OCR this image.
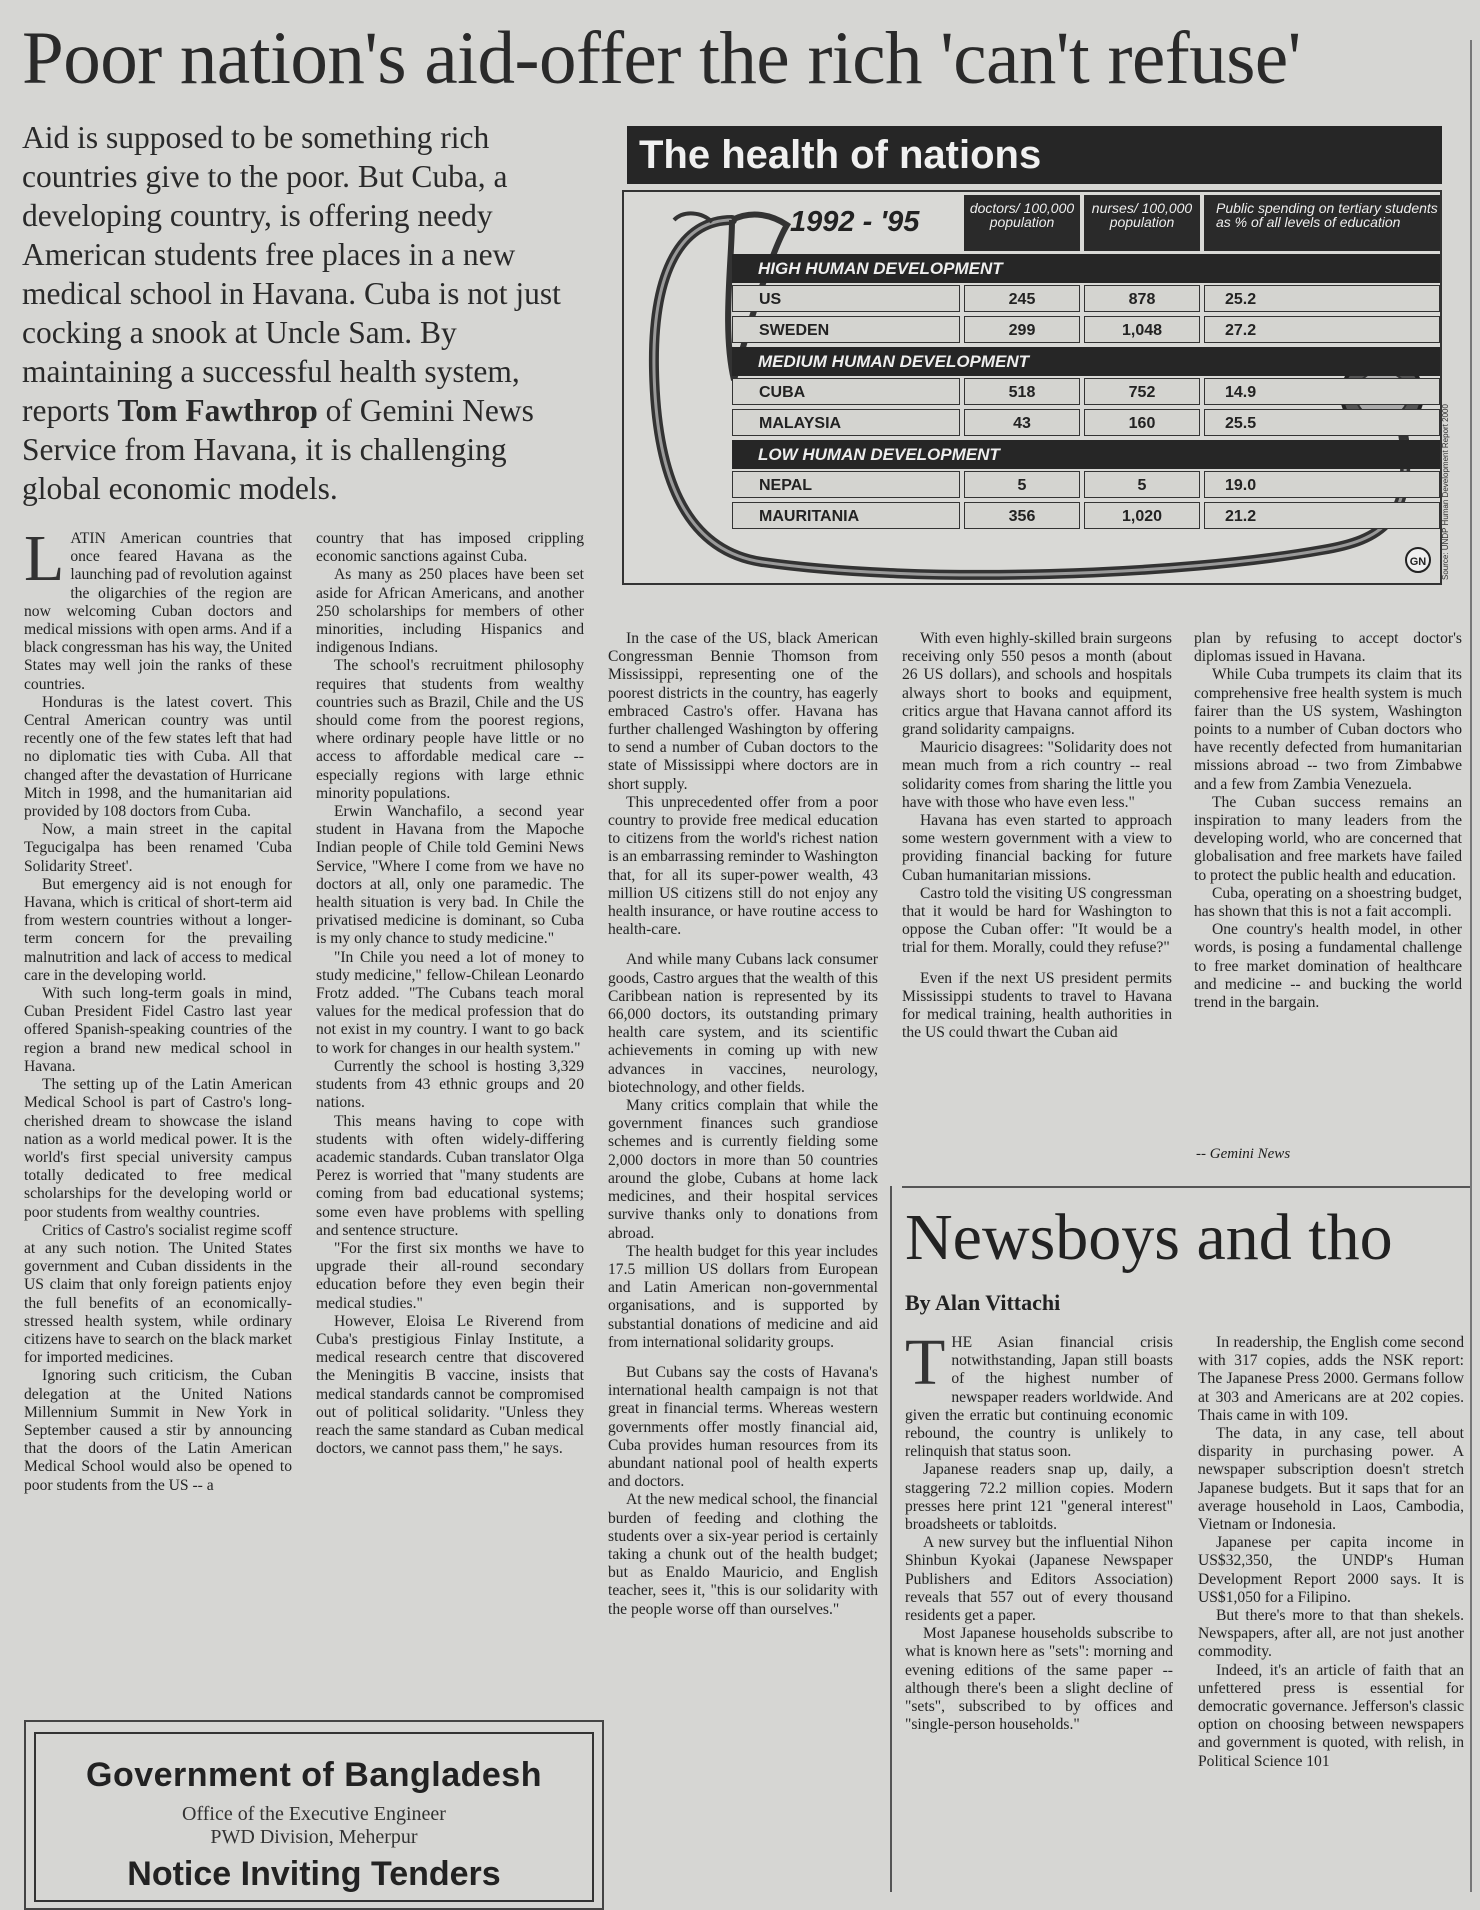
Poor nation's aid-offer the rich 'can't refuse'
Aid is supposed to be something rich countries give to the poor. But Cuba, a developing country, is offering needy American students free places in a new medical school in Havana. Cuba is not just cocking a snook at Uncle Sam. By maintaining a successful health system, reports Tom Fawthrop of Gemini News Service from Havana, it is challenging global economic models.

LATIN American countries that once feared Havana as the launching pad of revolution against the oligarchies of the region are now welcoming Cuban doctors and medical missions with open arms. And if a black congressman has his way, the United States may well join the ranks of these countries.

Honduras is the latest covert. This Central American country was until recently one of the few states left that had no diplomatic ties with Cuba. All that changed after the devastation of Hurricane Mitch in 1998, and the humanitarian aid provided by 108 doctors from Cuba.

Now, a main street in the capital Tegucigalpa has been renamed 'Cuba Solidarity Street'.

But emergency aid is not enough for Havana, which is critical of short-term aid from western countries without a longer-term concern for the prevailing malnutrition and lack of access to medical care in the developing world.

With such long-term goals in mind, Cuban President Fidel Castro last year offered Spanish-speaking countries of the region a brand new medical school in Havana.

The setting up of the Latin American Medical School is part of Castro's long-cherished dream to showcase the island nation as a world medical power. It is the world's first special university campus totally dedicated to free medical scholarships for the developing world or poor students from wealthy countries.

Critics of Castro's socialist regime scoff at any such notion. The United States government and Cuban dissidents in the US claim that only foreign patients enjoy the full benefits of an economically-stressed health system, while ordinary citizens have to search on the black market for imported medicines.

Ignoring such criticism, the Cuban delegation at the United Nations Millennium Summit in New York in September caused a stir by announcing that the doors of the Latin American Medical School would also be opened to poor students from the US -- a

country that has imposed crippling economic sanctions against Cuba.

As many as 250 places have been set aside for African Americans, and another 250 scholarships for members of other minorities, including Hispanics and indigenous Indians.

The school's recruitment philosophy requires that students from wealthy countries such as Brazil, Chile and the US should come from the poorest regions, where ordinary people have little or no access to affordable medical care -- especially regions with large ethnic minority populations.

Erwin Wanchafilo, a second year student in Havana from the Mapoche Indian people of Chile told Gemini News Service, "Where I come from we have no doctors at all, only one paramedic. The health situation is very bad. In Chile the privatised medicine is dominant, so Cuba is my only chance to study medicine."

"In Chile you need a lot of money to study medicine," fellow-Chilean Leonardo Frotz added. "The Cubans teach moral values for the medical profession that do not exist in my country. I want to go back to work for changes in our health system."

Currently the school is hosting 3,329 students from 43 ethnic groups and 20 nations.

This means having to cope with students with often widely-differing academic standards. Cuban translator Olga Perez is worried that "many students are coming from bad educational systems; some even have problems with spelling and sentence structure.

"For the first six months we have to upgrade their all-round secondary education before they even begin their medical studies."

However, Eloisa Le Riverend from Cuba's prestigious Finlay Institute, a medical research centre that discovered the Meningitis B vaccine, insists that medical standards cannot be compromised out of political solidarity. "Unless they reach the same standard as Cuban medical doctors, we cannot pass them," he says.

The health of nations
GN Source: UNDP Human Development Report 2000
1992 - '95	doctors/ 100,000 population
nurses/ 100,000 population
Public spending on tertiary students as % of all levels of education
HIGH HUMAN DEVELOPMENT
US	245	878	25.2
SWEDEN	299	1,048	27.2
MEDIUM HUMAN DEVELOPMENT
CUBA	518	752	14.9
MALAYSIA	43	160	25.5
LOW HUMAN DEVELOPMENT
NEPAL	5	5	19.0
MAURITANIA	356	1,020	21.2

In the case of the US, black American Congressman Bennie Thomson from Mississippi, representing one of the poorest districts in the country, has eagerly embraced Castro's offer. Havana has further challenged Washington by offering to send a number of Cuban doctors to the state of Mississippi where doctors are in short supply.

This unprecedented offer from a poor country to provide free medical education to citizens from the world's richest nation is an embarrassing reminder to Washington that, for all its super-power wealth, 43 million US citizens still do not enjoy any health insurance, or have routine access to health-care.

And while many Cubans lack consumer goods, Castro argues that the wealth of this Caribbean nation is represented by its 66,000 doctors, its outstanding primary health care system, and its scientific achievements in coming up with new advances in vaccines, neurology, biotechnology, and other fields.

Many critics complain that while the government finances such grandiose schemes and is currently fielding some 2,000 doctors in more than 50 countries around the globe, Cubans at home lack medicines, and their hospital services survive thanks only to donations from abroad.

The health budget for this year includes 17.5 million US dollars from European and Latin American non-governmental organisations, and is supported by substantial donations of medicine and aid from international solidarity groups.

But Cubans say the costs of Havana's international health campaign is not that great in financial terms. Whereas western governments offer mostly financial aid, Cuba provides human resources from its abundant national pool of health experts and doctors.

At the new medical school, the financial burden of feeding and clothing the students over a six-year period is certainly taking a chunk out of the health budget; but as Enaldo Mauricio, and English teacher, sees it, "this is our solidarity with the people worse off than ourselves."

With even highly-skilled brain surgeons receiving only 550 pesos a month (about 26 US dollars), and schools and hospitals always short to books and equipment, critics argue that Havana cannot afford its grand solidarity campaigns.

Mauricio disagrees: "Solidarity does not mean much from a rich country -- real solidarity comes from sharing the little you have with those who have even less."

Havana has even started to approach some western government with a view to providing financial backing for future Cuban humanitarian missions.

Castro told the visiting US congressman that it would be hard for Washington to oppose the Cuban offer: "It would be a trial for them. Morally, could they refuse?"

Even if the next US president permits Mississippi students to travel to Havana for medical training, health authorities in the US could thwart the Cuban aid

plan by refusing to accept doctor's diplomas issued in Havana.

While Cuba trumpets its claim that its comprehensive free health system is much fairer than the US system, Washington points to a number of Cuban doctors who have recently defected from humanitarian missions abroad -- two from Zimbabwe and a few from Zambia Venezuela.

The Cuban success remains an inspiration to many leaders from the developing world, who are concerned that globalisation and free markets have failed to protect the public health and education.

Cuba, operating on a shoestring budget, has shown that this is not a fait accompli.

One country's health model, in other words, is posing a fundamental challenge to free market domination of healthcare and medicine -- and bucking the world trend in the bargain.

-- Gemini News
Newsboys and tho
By Alan Vittachi

THE Asian financial crisis notwithstanding, Japan still boasts of the highest number of newspaper readers worldwide. And given the erratic but continuing economic rebound, the country is unlikely to relinquish that status soon.

Japanese readers snap up, daily, a staggering 72.2 million copies. Modern presses here print 121 "general interest" broadsheets or tabloitds.

A new survey but the influential Nihon Shinbun Kyokai (Japanese Newspaper Publishers and Editors Association) reveals that 557 out of every thousand residents get a paper.

Most Japanese households subscribe to what is known here as "sets": morning and evening editions of the same paper -- although there's been a slight decline of "sets", subscribed to by offices and "single-person households."

In readership, the English come second with 317 copies, adds the NSK report: The Japanese Press 2000. Germans follow at 303 and Americans are at 202 copies. Thais came in with 109.

The data, in any case, tell about disparity in purchasing power. A newspaper subscription doesn't stretch Japanese budgets. But it saps that for an average household in Laos, Cambodia, Vietnam or Indonesia.

Japanese per capita income in US$32,350, the UNDP's Human Development Report 2000 says. It is US$1,050 for a Filipino.

But there's more to that than shekels. Newspapers, after all, are not just another commodity.

Indeed, it's an article of faith that an unfettered press is essential for democratic governance. Jefferson's classic option on choosing between newspapers and government is quoted, with relish, in Political Science 101

Government of Bangladesh
Office of the Executive Engineer
PWD Division, Meherpur
Notice Inviting Tenders
